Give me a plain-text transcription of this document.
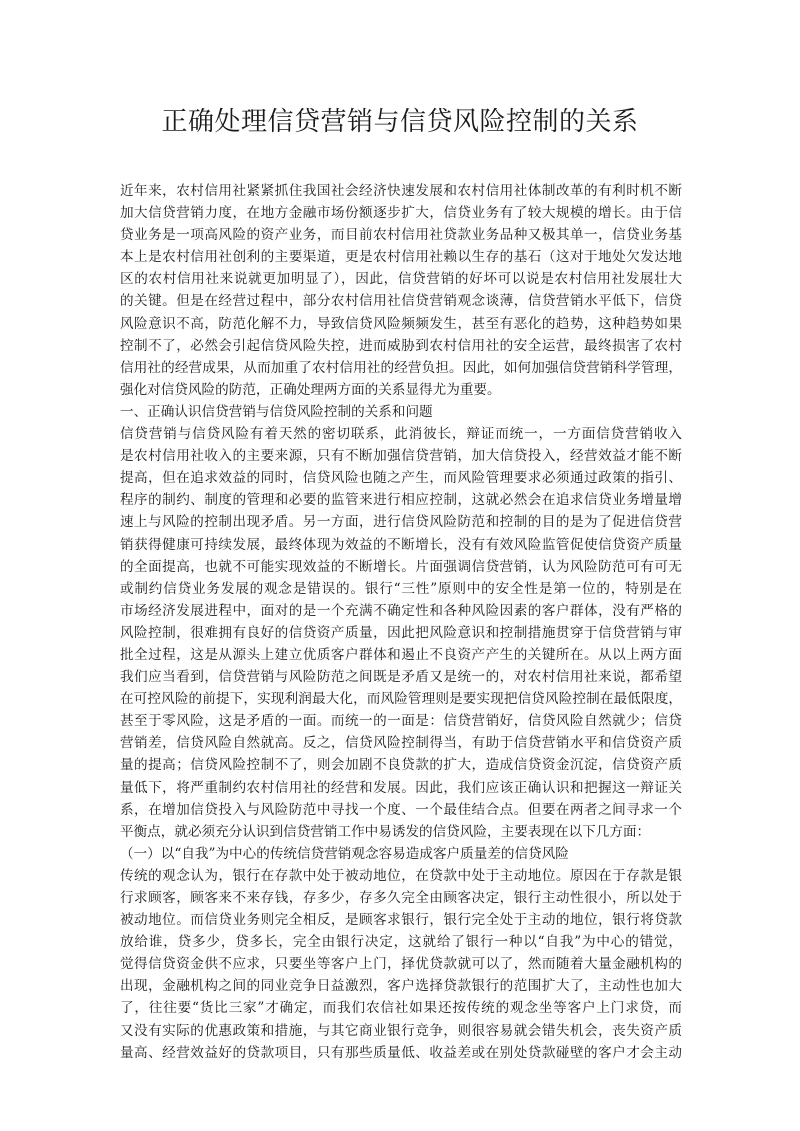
正确处理信贷营销与信贷风险控制的关系
近年来，农村信用社紧紧抓住我国社会经济快速发展和农村信用社体制改革的有利时机不断
加大信贷营销力度，在地方金融市场份额逐步扩大，信贷业务有了较大规模的增长。由于信
贷业务是一项高风险的资产业务，而目前农村信用社贷款业务品种又极其单一，信贷业务基
本上是农村信用社创利的主要渠道，更是农村信用社赖以生存的基石（这对于地处欠发达地
区的农村信用社来说就更加明显了），因此，信贷营销的好坏可以说是农村信用社发展壮大
的关键。但是在经营过程中，部分农村信用社信贷营销观念谈薄，信贷营销水平低下，信贷
风险意识不高，防范化解不力，导致信贷风险频频发生，甚至有恶化的趋势，这种趋势如果
控制不了，必然会引起信贷风险失控，进而威胁到农村信用社的安全运营，最终损害了农村
信用社的经营成果，从而加重了农村信用社的经营负担。因此，如何加强信贷营销科学管理，
强化对信贷风险的防范，正确处理两方面的关系显得尤为重要。
一、正确认识信贷营销与信贷风险控制的关系和问题
信贷营销与信贷风险有着天然的密切联系，此消彼长，辩证而统一，一方面信贷营销收入
是农村信用社收入的主要来源，只有不断加强信贷营销，加大信贷投入，经营效益才能不断
提高，但在追求效益的同时，信贷风险也随之产生，而风险管理要求必须通过政策的指引、
程序的制约、制度的管理和必要的监管来进行相应控制，这就必然会在追求信贷业务增量增
速上与风险的控制出现矛盾。另一方面，进行信贷风险防范和控制的目的是为了促进信贷营
销获得健康可持续发展，最终体现为效益的不断增长，没有有效风险监管促使信贷资产质量
的全面提高，也就不可能实现效益的不断增长。片面强调信贷营销，认为风险防范可有可无
或制约信贷业务发展的观念是错误的。银行“三性”原则中的安全性是第一位的，特别是在
市场经济发展进程中，面对的是一个充满不确定性和各种风险因素的客户群体，没有严格的
风险控制，很难拥有良好的信贷资产质量，因此把风险意识和控制措施贯穿于信贷营销与审
批全过程，这是从源头上建立优质客户群体和遏止不良资产产生的关键所在。从以上两方面
我们应当看到，信贷营销与风险防范之间既是矛盾又是统一的，对农村信用社来说，都希望
在可控风险的前提下，实现利润最大化，而风险管理则是要实现把信贷风险控制在最低限度，
甚至于零风险，这是矛盾的一面。而统一的一面是：信贷营销好，信贷风险自然就少；信贷
营销差，信贷风险自然就高。反之，信贷风险控制得当，有助于信贷营销水平和信贷资产质
量的提高；信贷风险控制不了，则会加剧不良贷款的扩大，造成信贷资金沉淀，信贷资产质
量低下，将严重制约农村信用社的经营和发展。因此，我们应该正确认识和把握这一辩证关
系，在增加信贷投入与风险防范中寻找一个度、一个最佳结合点。但要在两者之间寻求一个
平衡点，就必须充分认识到信贷营销工作中易诱发的信贷风险，主要表现在以下几方面：
（一）以“自我”为中心的传统信贷营销观念容易造成客户质量差的信贷风险
传统的观念认为，银行在存款中处于被动地位，在贷款中处于主动地位。原因在于存款是银
行求顾客，顾客来不来存钱，存多少，存多久完全由顾客决定，银行主动性很小，所以处于
被动地位。而信贷业务则完全相反，是顾客求银行，银行完全处于主动的地位，银行将贷款
放给谁，贷多少，贷多长，完全由银行决定，这就给了银行一种以“自我”为中心的错觉，
觉得信贷资金供不应求，只要坐等客户上门，择优贷款就可以了，然而随着大量金融机构的
出现，金融机构之间的同业竞争日益激烈，客户选择贷款银行的范围扩大了，主动性也加大
了，往往要“货比三家”才确定，而我们农信社如果还按传统的观念坐等客户上门求贷，而
又没有实际的优惠政策和措施，与其它商业银行竞争，则很容易就会错失机会，丧失资产质
量高、经营效益好的贷款项目，只有那些质量低、收益差或在别处贷款碰壁的客户才会主动
